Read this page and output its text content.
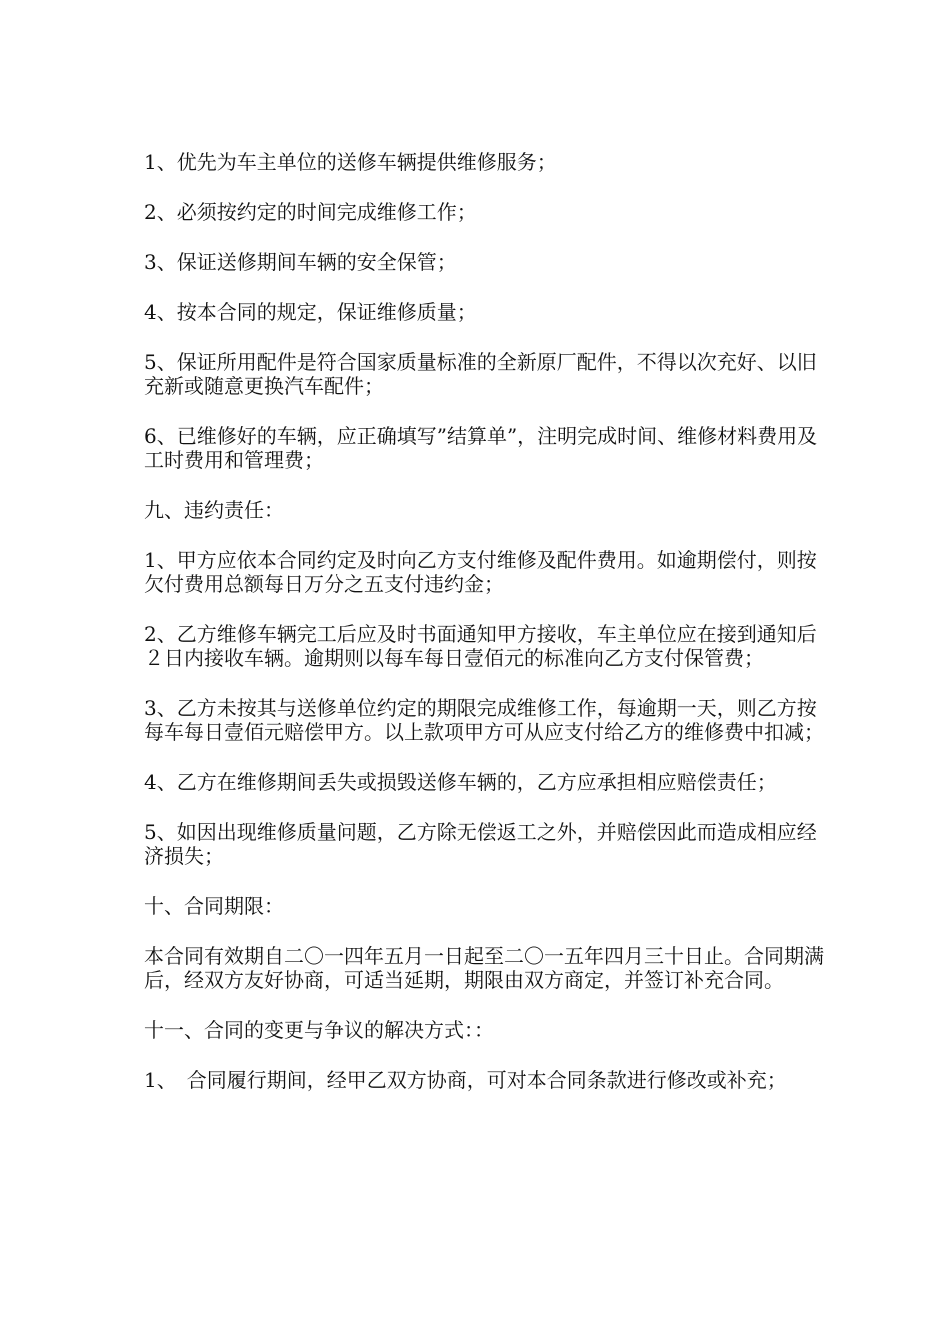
1、优先为车主单位的送修车辆提供维修服务；

2、必须按约定的时间完成维修工作；

3、保证送修期间车辆的安全保管；

4、按本合同的规定，保证维修质量；

5、保证所用配件是符合国家质量标准的全新原厂配件，不得以次充好、以旧充新或随意更换汽车配件；

6、已维修好的车辆，应正确填写”结算单”，注明完成时间、维修材料费用及工时费用和管理费；

九、违约责任：

1、甲方应依本合同约定及时向乙方支付维修及配件费用。如逾期偿付，则按欠付费用总额每日万分之五支付违约金；

2、乙方维修车辆完工后应及时书面通知甲方接收，车主单位应在接到通知后２日内接收车辆。逾期则以每车每日壹佰元的标准向乙方支付保管费；

3、乙方未按其与送修单位约定的期限完成维修工作，每逾期一天，则乙方按每车每日壹佰元赔偿甲方。以上款项甲方可从应支付给乙方的维修费中扣减；

4、乙方在维修期间丢失或损毁送修车辆的，乙方应承担相应赔偿责任；

5、如因出现维修质量问题，乙方除无偿返工之外，并赔偿因此而造成相应经济损失；

十、合同期限：

本合同有效期自二〇一四年五月一日起至二〇一五年四月三十日止。合同期满后，经双方友好协商，可适当延期，期限由双方商定，并签订补充合同。

十一、合同的变更与争议的解决方式：：

1、　合同履行期间，经甲乙双方协商，可对本合同条款进行修改或补充；
